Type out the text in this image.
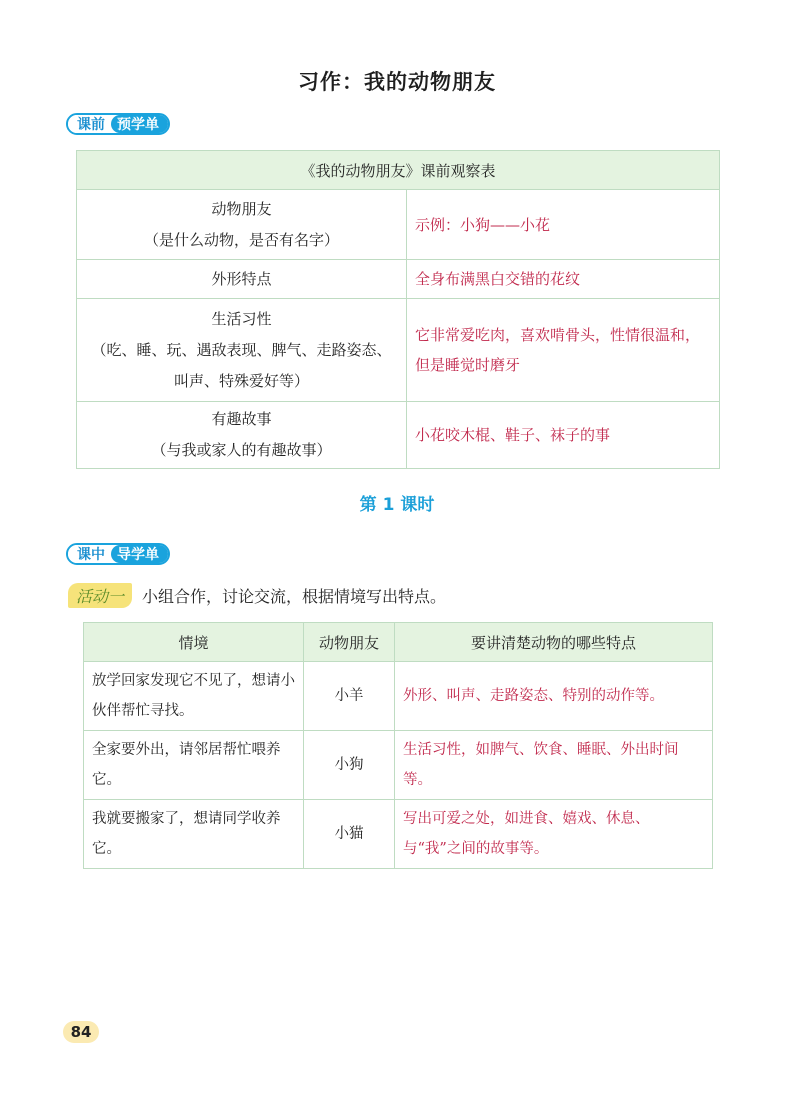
习作：我的动物朋友
课前 预学单
《我的动物朋友》课前观察表	

动物朋友
（是什么动物，是否有名字）	示例：小狗——小花

外形特点	全身布满黑白交错的花纹

生活习性
（吃、睡、玩、遇敌表现、脾气、走路姿态、
叫声、特殊爱好等）	它非常爱吃肉，喜欢啃骨头，性情很温和，但是睡觉时磨牙

有趣故事
（与我或家人的有趣故事）	小花咬木棍、鞋子、袜子的事
第 1 课时
课中 导学单
活动一	小组合作，讨论交流，根据情境写出特点。
情境	动物朋友	要讲清楚动物的哪些特点
放学回家发现它不见了，想请小伙伴帮忙寻找。	小羊	外形、叫声、走路姿态、特别的动作等。
全家要外出，请邻居帮忙喂养它。	小狗	生活习性，如脾气、饮食、睡眠、外出时间等。
我就要搬家了，想请同学收养它。	小猫	写出可爱之处，如进食、嬉戏、休息、与“我”之间的故事等。
84
